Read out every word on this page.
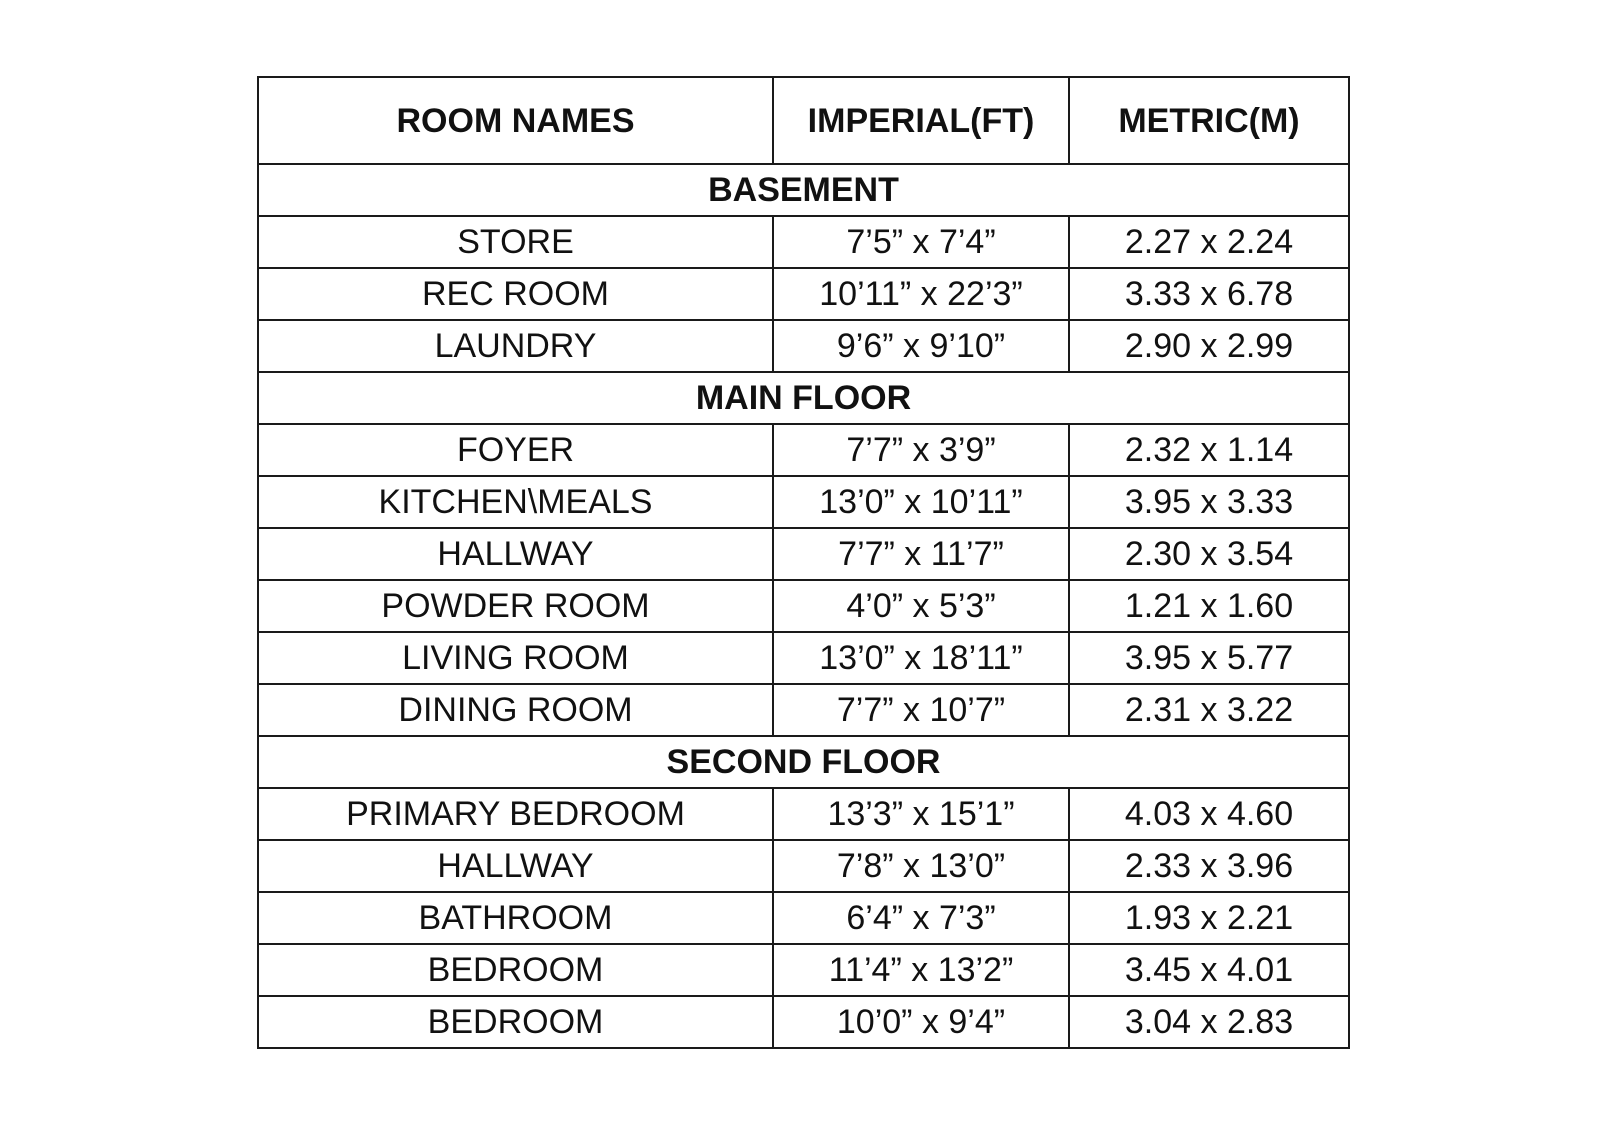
ROOM NAMES	IMPERIAL(FT)	METRIC(M)
BASEMENT		
STORE	7’5” x 7’4”	2.27 x 2.24
REC ROOM	10’11” x 22’3”	3.33 x 6.78
LAUNDRY	9’6” x 9’10”	2.90 x 2.99
MAIN FLOOR		
FOYER	7’7” x 3’9”	2.32 x 1.14
KITCHEN\MEALS	13’0” x 10’11”	3.95 x 3.33
HALLWAY	7’7” x 11’7”	2.30 x 3.54
POWDER ROOM	4’0” x 5’3”	1.21 x 1.60
LIVING ROOM	13’0” x 18’11”	3.95 x 5.77
DINING ROOM	7’7” x 10’7”	2.31 x 3.22
SECOND FLOOR		
PRIMARY BEDROOM	13’3” x 15’1”	4.03 x 4.60
HALLWAY	7’8” x 13’0”	2.33 x 3.96
BATHROOM	6’4” x 7’3”	1.93 x 2.21
BEDROOM	11’4” x 13’2”	3.45 x 4.01
BEDROOM	10’0” x 9’4”	3.04 x 2.83
